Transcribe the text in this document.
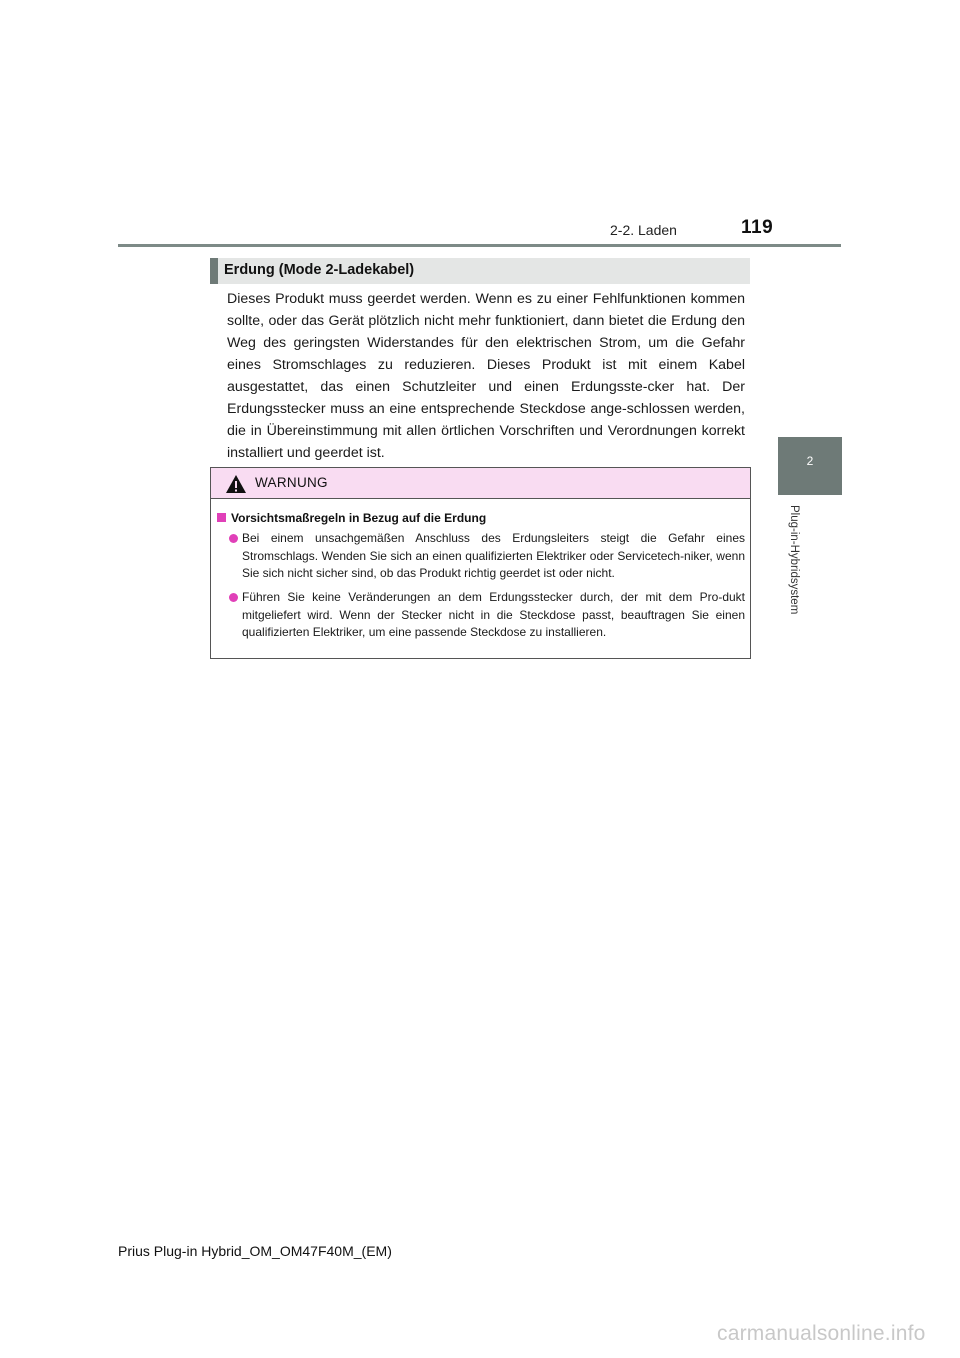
2-2. Laden	119
2
Plug-in-Hybridsystem
Erdung (Mode 2-Ladekabel)
Dieses Produkt muss geerdet werden. Wenn es zu einer Fehlfunktionen kommen sollte, oder das Gerät plötzlich nicht mehr funktioniert, dann bietet die Erdung den Weg des geringsten Widerstandes für den elektrischen Strom, um die Gefahr eines Stromschlages zu reduzieren. Dieses Produkt ist mit einem Kabel ausgestattet, das einen Schutzleiter und einen Erdungsste-cker hat. Der Erdungsstecker muss an eine entsprechende Steckdose ange-schlossen werden, die in Übereinstimmung mit allen örtlichen Vorschriften und Verordnungen korrekt installiert und geerdet ist.
WARNUNG
Vorsichtsmaßregeln in Bezug auf die Erdung
Bei einem unsachgemäßen Anschluss des Erdungsleiters steigt die Gefahr eines Stromschlags. Wenden Sie sich an einen qualifizierten Elektriker oder Servicetech-niker, wenn Sie sich nicht sicher sind, ob das Produkt richtig geerdet ist oder nicht.
Führen Sie keine Veränderungen an dem Erdungsstecker durch, der mit dem Pro-dukt mitgeliefert wird. Wenn der Stecker nicht in die Steckdose passt, beauftragen Sie einen qualifizierten Elektriker, um eine passende Steckdose zu installieren.
Prius Plug-in Hybrid_OM_OM47F40M_(EM)
carmanualsonline.info
